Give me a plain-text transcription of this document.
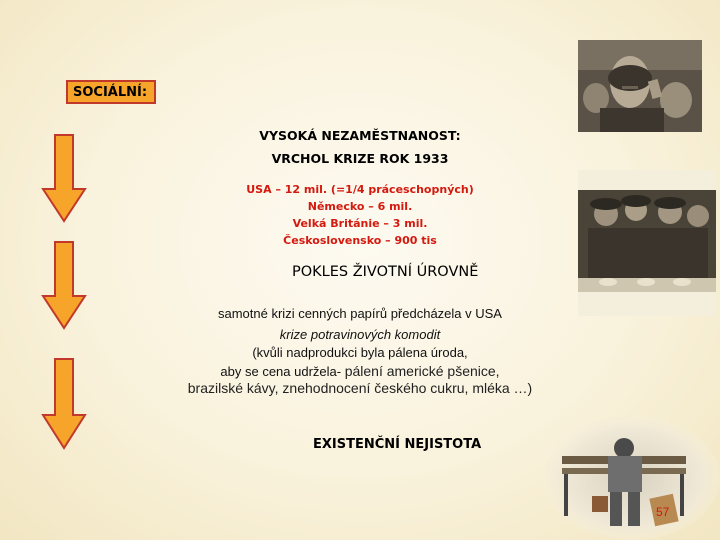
SOCIÁLNÍ:
VYSOKÁ NEZAMĚSTNANOST:
VRCHOL KRIZE ROK 1933
USA – 12 mil. (=1/4 práceschopných)
Německo – 6 mil.
Velká Británie – 3 mil.
Československo – 900 tis
POKLES ŽIVOTNÍ ÚROVNĚ
samotné krizi cenných papírů předcházela v USA
krize potravinových komodit
(kvůli nadprodukci byla pálena úroda,
aby se cena udržela- pálení americké pšenice,
brazilské kávy, znehodnocení českého cukru, mléka …)
EXISTENČNÍ NEJISTOTA
57
